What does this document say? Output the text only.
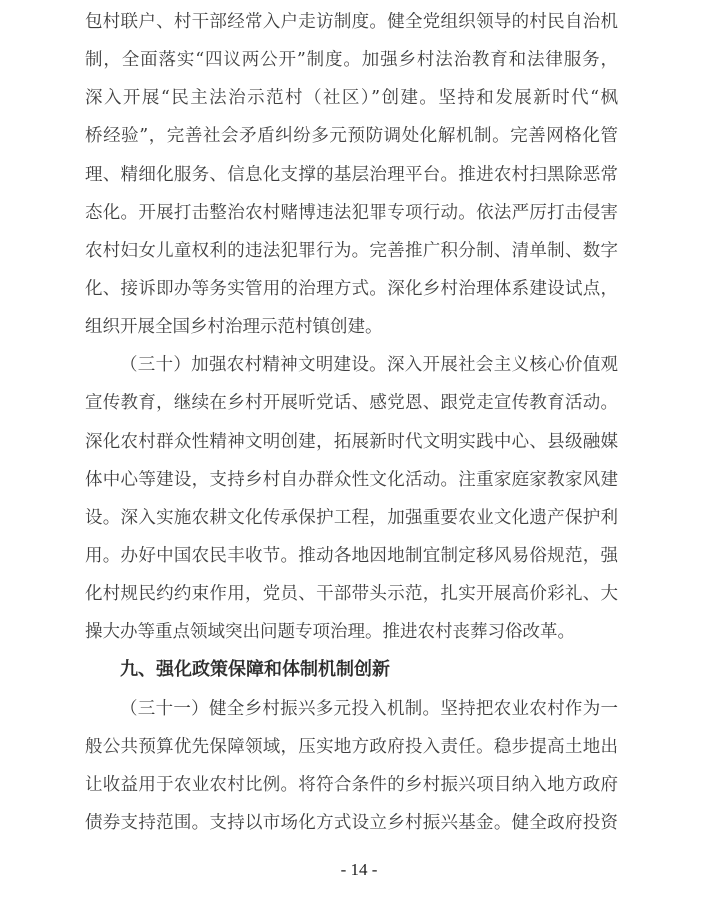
包村联户、村干部经常入户走访制度。健全党组织领导的村民自治机
制，全面落实“四议两公开”制度。加强乡村法治教育和法律服务，
深入开展“民主法治示范村（社区）”创建。坚持和发展新时代“枫
桥经验”，完善社会矛盾纠纷多元预防调处化解机制。完善网格化管
理、精细化服务、信息化支撑的基层治理平台。推进农村扫黑除恶常
态化。开展打击整治农村赌博违法犯罪专项行动。依法严厉打击侵害
农村妇女儿童权利的违法犯罪行为。完善推广积分制、清单制、数字
化、接诉即办等务实管用的治理方式。深化乡村治理体系建设试点，
组织开展全国乡村治理示范村镇创建。
（三十）加强农村精神文明建设。深入开展社会主义核心价值观
宣传教育，继续在乡村开展听党话、感党恩、跟党走宣传教育活动。
深化农村群众性精神文明创建，拓展新时代文明实践中心、县级融媒
体中心等建设，支持乡村自办群众性文化活动。注重家庭家教家风建
设。深入实施农耕文化传承保护工程，加强重要农业文化遗产保护利
用。办好中国农民丰收节。推动各地因地制宜制定移风易俗规范，强
化村规民约约束作用，党员、干部带头示范，扎实开展高价彩礼、大
操大办等重点领域突出问题专项治理。推进农村丧葬习俗改革。
九、强化政策保障和体制机制创新
（三十一）健全乡村振兴多元投入机制。坚持把农业农村作为一
般公共预算优先保障领域，压实地方政府投入责任。稳步提高土地出
让收益用于农业农村比例。将符合条件的乡村振兴项目纳入地方政府
债券支持范围。支持以市场化方式设立乡村振兴基金。健全政府投资
- 14 -
